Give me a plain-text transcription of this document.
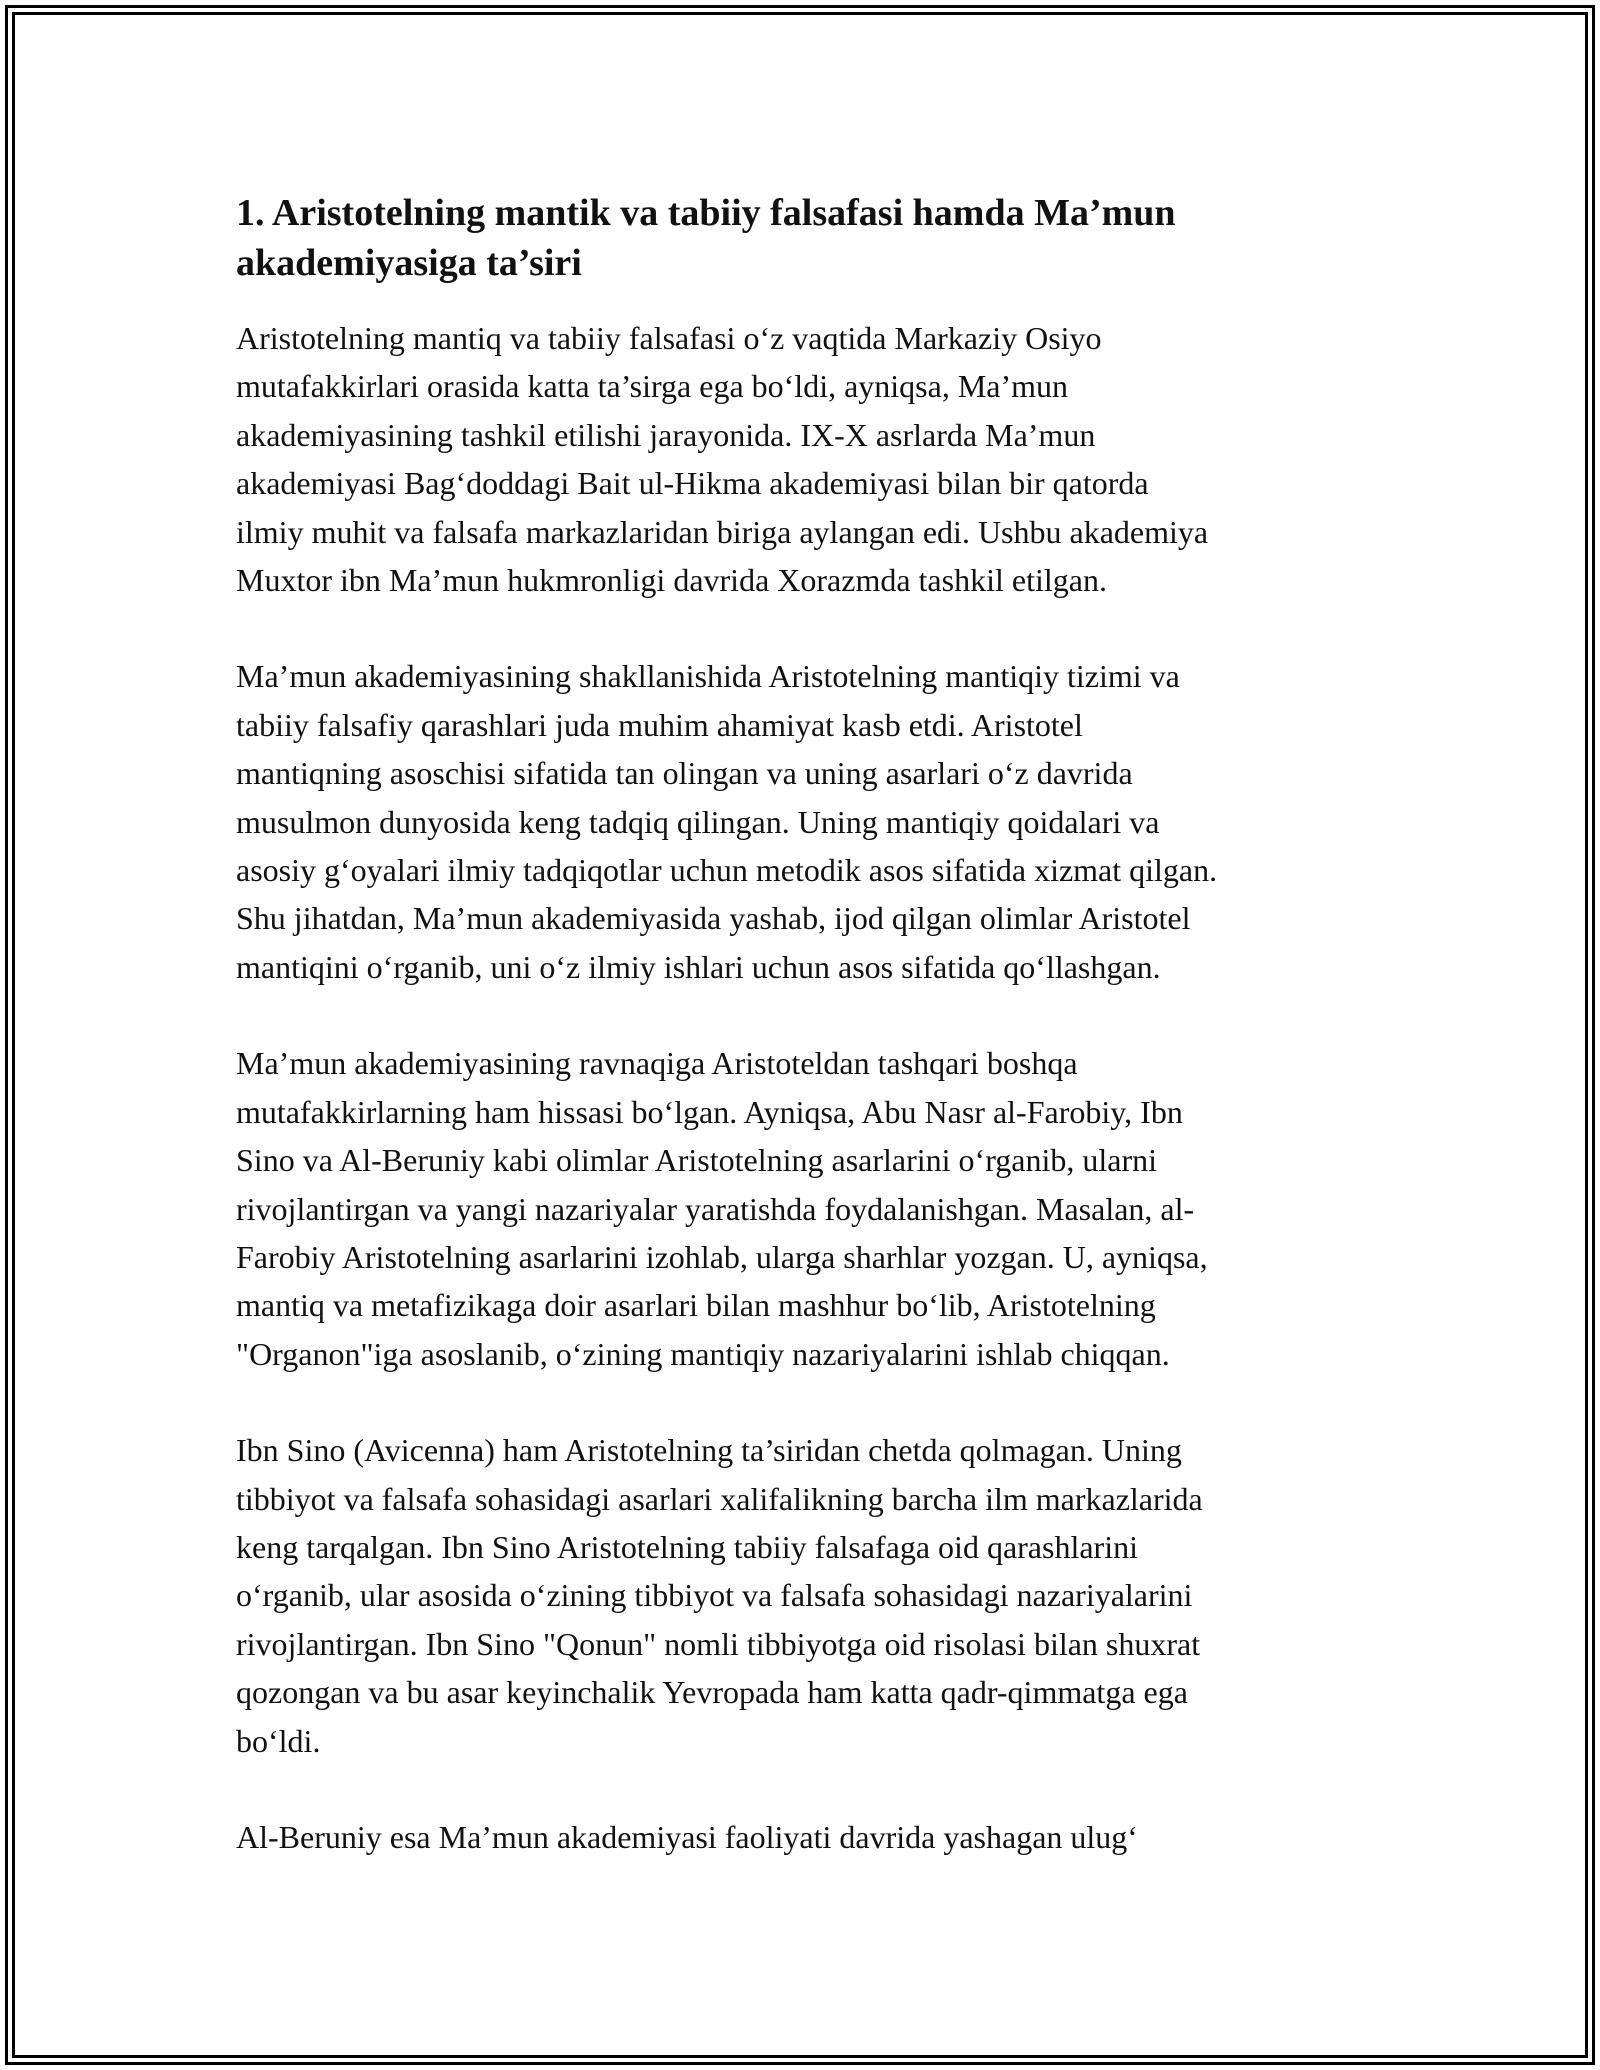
1. Aristotelning mantik va tabiiy falsafasi hamda Ma’mun
akademiyasiga ta’siri

Aristotelning mantiq va tabiiy falsafasi o‘z vaqtida Markaziy Osiyo
mutafakkirlari orasida katta ta’sirga ega bo‘ldi, ayniqsa, Ma’mun
akademiyasining tashkil etilishi jarayonida. IX-X asrlarda Ma’mun
akademiyasi Bag‘doddagi Bait ul-Hikma akademiyasi bilan bir qatorda
ilmiy muhit va falsafa markazlaridan biriga aylangan edi. Ushbu akademiya
Muxtor ibn Ma’mun hukmronligi davrida Xorazmda tashkil etilgan.

Ma’mun akademiyasining shakllanishida Aristotelning mantiqiy tizimi va
tabiiy falsafiy qarashlari juda muhim ahamiyat kasb etdi. Aristotel
mantiqning asoschisi sifatida tan olingan va uning asarlari o‘z davrida
musulmon dunyosida keng tadqiq qilingan. Uning mantiqiy qoidalari va
asosiy g‘oyalari ilmiy tadqiqotlar uchun metodik asos sifatida xizmat qilgan.
Shu jihatdan, Ma’mun akademiyasida yashab, ijod qilgan olimlar Aristotel
mantiqini o‘rganib, uni o‘z ilmiy ishlari uchun asos sifatida qo‘llashgan.

Ma’mun akademiyasining ravnaqiga Aristoteldan tashqari boshqa
mutafakkirlarning ham hissasi bo‘lgan. Ayniqsa, Abu Nasr al-Farobiy, Ibn
Sino va Al-Beruniy kabi olimlar Aristotelning asarlarini o‘rganib, ularni
rivojlantirgan va yangi nazariyalar yaratishda foydalanishgan. Masalan, al-
Farobiy Aristotelning asarlarini izohlab, ularga sharhlar yozgan. U, ayniqsa,
mantiq va metafizikaga doir asarlari bilan mashhur bo‘lib, Aristotelning
"Organon"iga asoslanib, o‘zining mantiqiy nazariyalarini ishlab chiqqan.

Ibn Sino (Avicenna) ham Aristotelning ta’siridan chetda qolmagan. Uning
tibbiyot va falsafa sohasidagi asarlari xalifalikning barcha ilm markazlarida
keng tarqalgan. Ibn Sino Aristotelning tabiiy falsafaga oid qarashlarini
o‘rganib, ular asosida o‘zining tibbiyot va falsafa sohasidagi nazariyalarini
rivojlantirgan. Ibn Sino "Qonun" nomli tibbiyotga oid risolasi bilan shuxrat
qozongan va bu asar keyinchalik Yevropada ham katta qadr-qimmatga ega
bo‘ldi.

Al-Beruniy esa Ma’mun akademiyasi faoliyati davrida yashagan ulug‘
